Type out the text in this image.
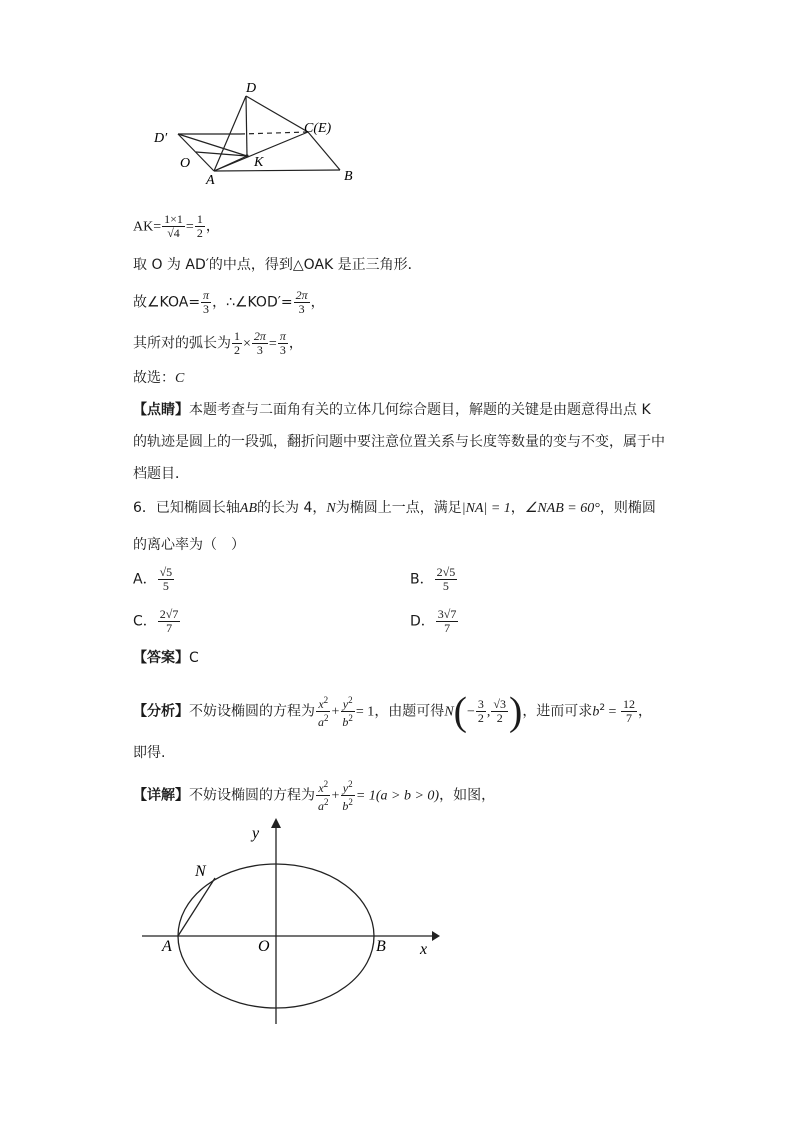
D
D′
C(E)
O	K
A	B
$AK= \frac{1\times 1}{√4} = \frac{1}{2}$ ，
取 O 为 AD′的中点，得到△OAK 是正三角形．
故∠KOA= $\frac{\pi}{3}$ ，∴∠KOD′= $\frac{2\pi}{3}$ ，
其所对的弧长为 $\frac{1}{2} \times \frac{2\pi}{3} = \frac{\pi}{3}$ ，
故选：C
【点睛】本题考查与二面角有关的立体几何综合题目，解题的关键是由题意得出点 K
的轨迹是圆上的一段弧，翻折问题中要注意位置关系与长度等数量的变与不变，属于中
档题目．
6．已知椭圆长轴AB的长为 4，N为椭圆上一点，满足|NA| = 1，∠NAB = 60°，则椭圆
的离心率为（　）
A． $\frac{√5}{5}$	B． $\frac{2√5}{5}$
C． $\frac{2√7}{7}$	D． $\frac{3√7}{7}$
【答案】C
【分析】不妨设椭圆的方程为 $\frac{x^2}{a^2} + \frac{y^2}{b^2} = 1$，由题可得$N(- \frac{3}{2}$ , $\frac{√3}{2}$ )，进而可求$b^2 = \frac{12}{7}$ ，
即得.
【详解】不妨设椭圆的方程为 $\frac{x^2}{a^2} + \frac{y^2}{b^2} = 1(a > b > 0)$，如图，
y
x
N
A	O	B
